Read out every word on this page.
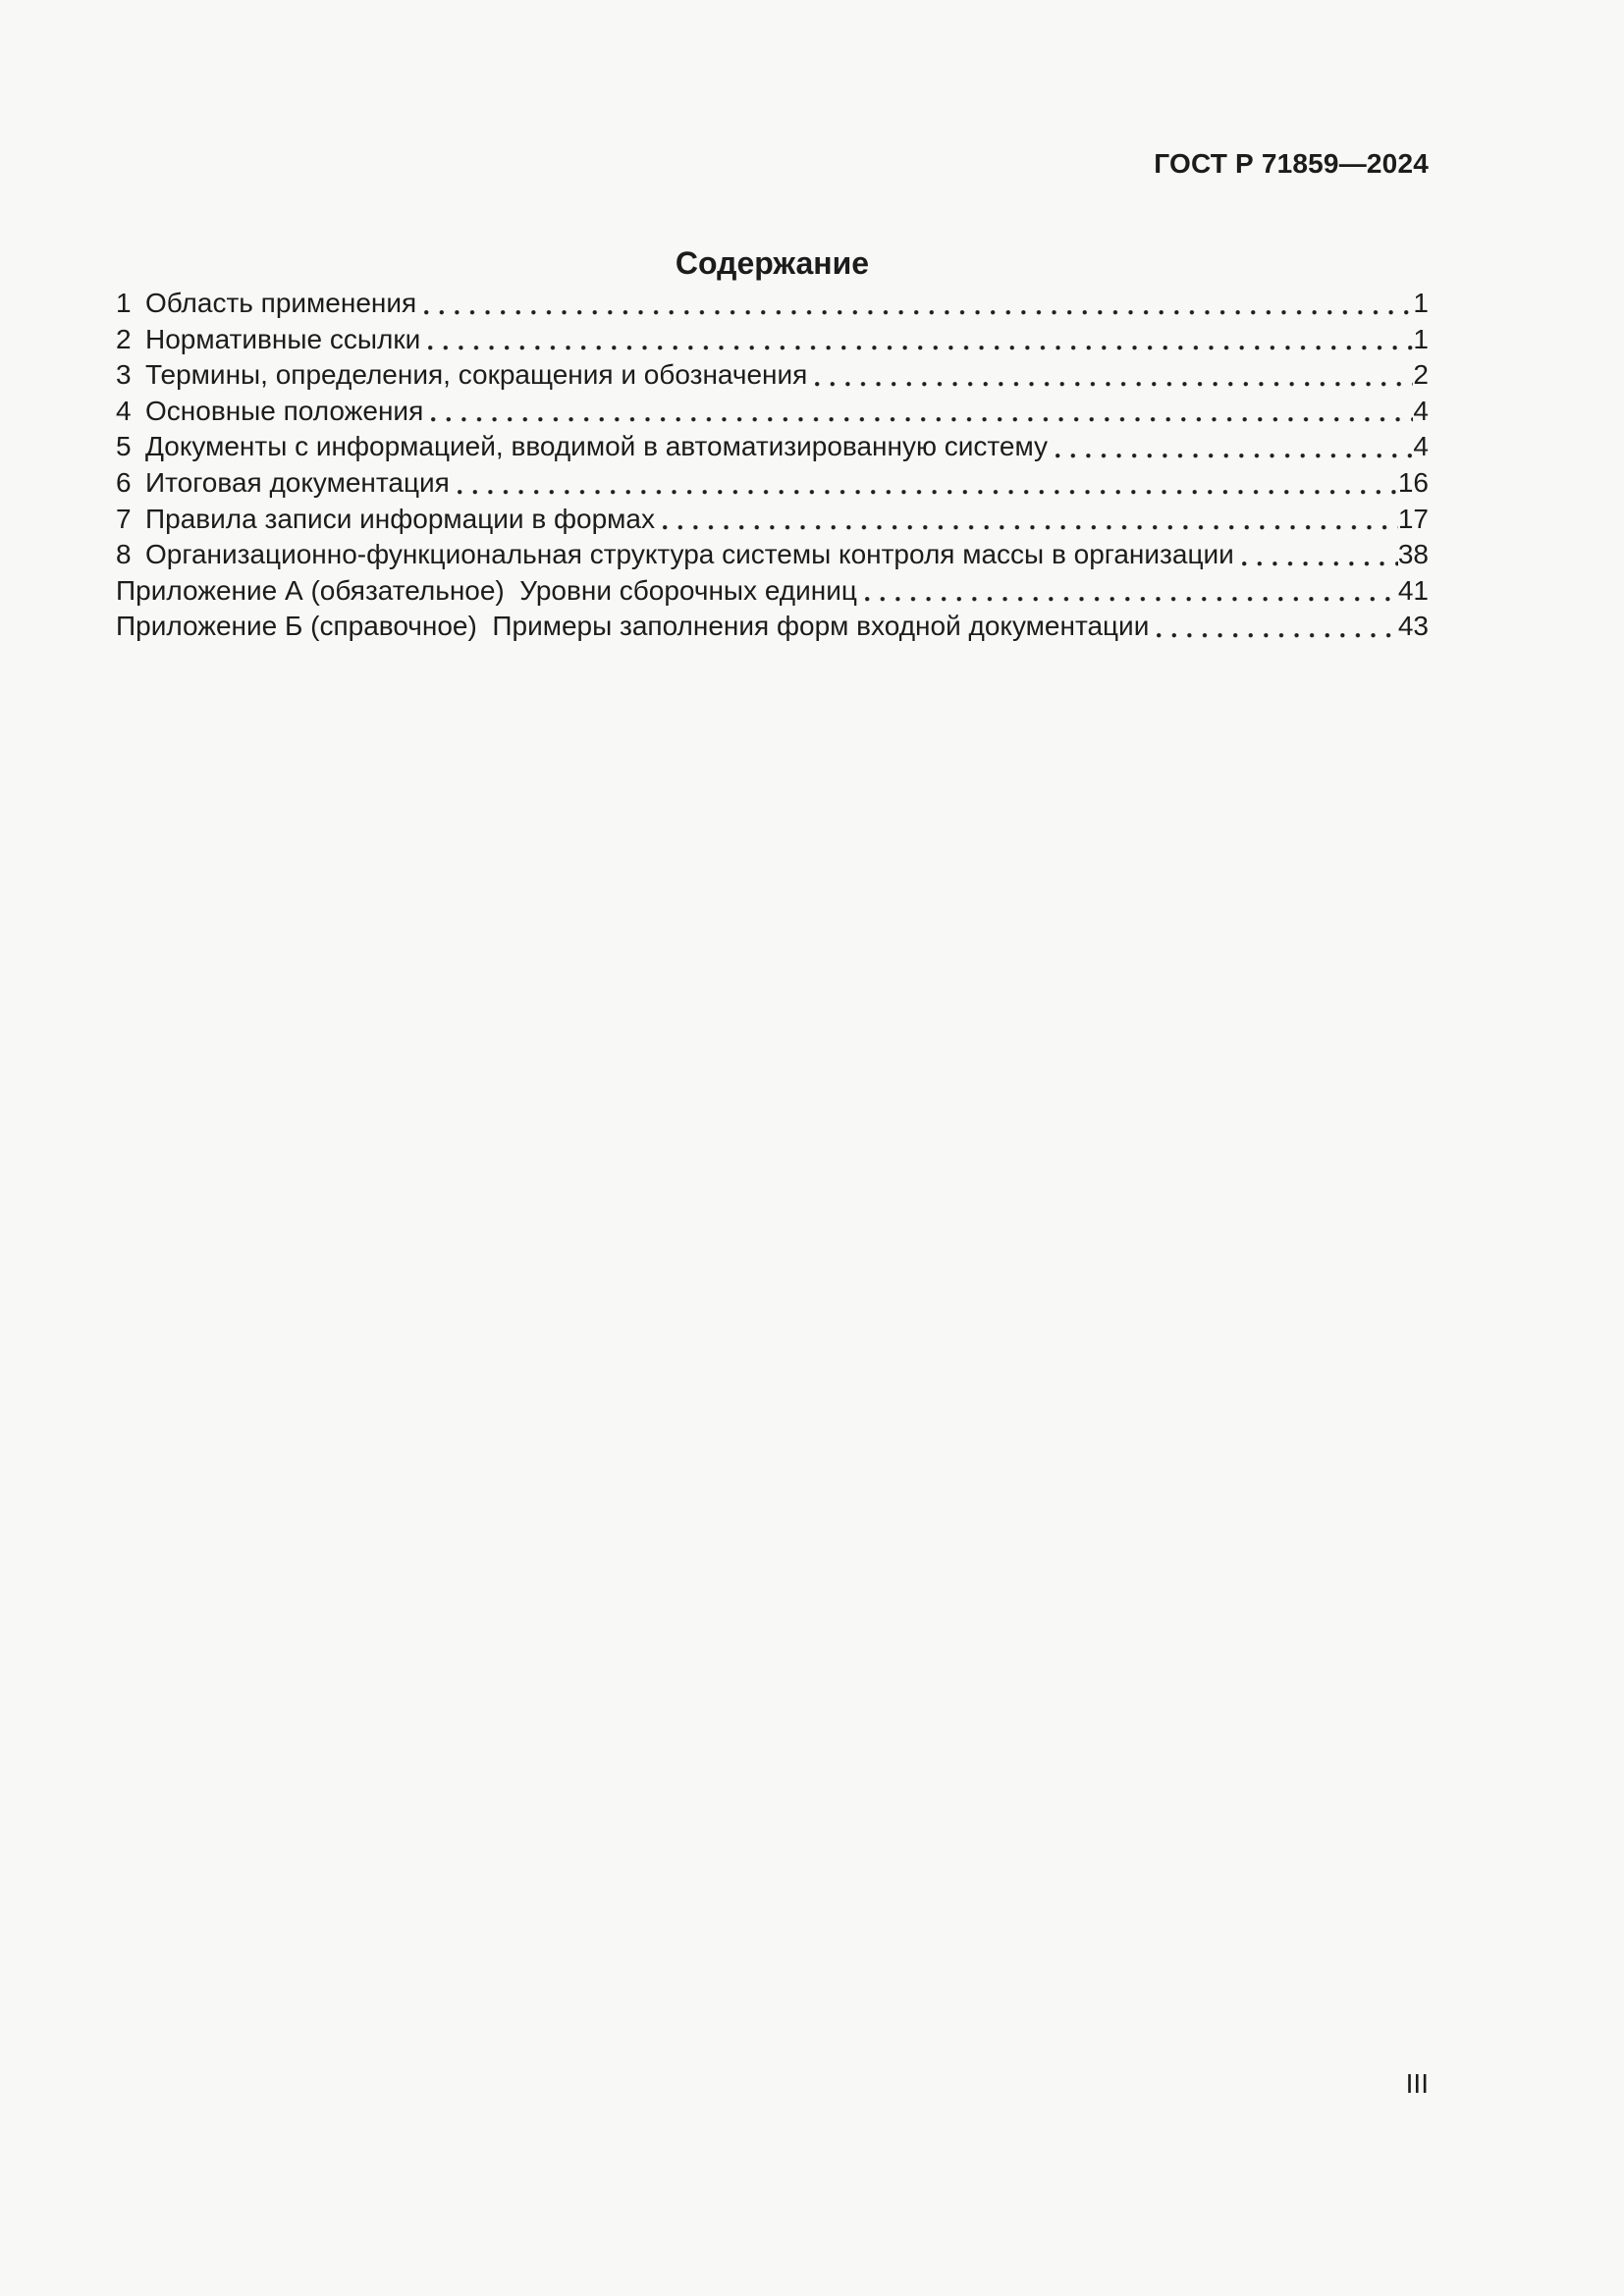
ГОСТ Р 71859—2024
Содержание
1 Область применения	1
2 Нормативные ссылки	1
3 Термины, определения, сокращения и обозначения	2
4 Основные положения	4
5 Документы с информацией, вводимой в автоматизированную систему	4
6 Итоговая документация	16
7 Правила записи информации в формах	17
8 Организационно-функциональная структура системы контроля массы в организации	38
Приложение А (обязательное)  Уровни сборочных единиц	41
Приложение Б (справочное)  Примеры заполнения форм входной документации	43
III
